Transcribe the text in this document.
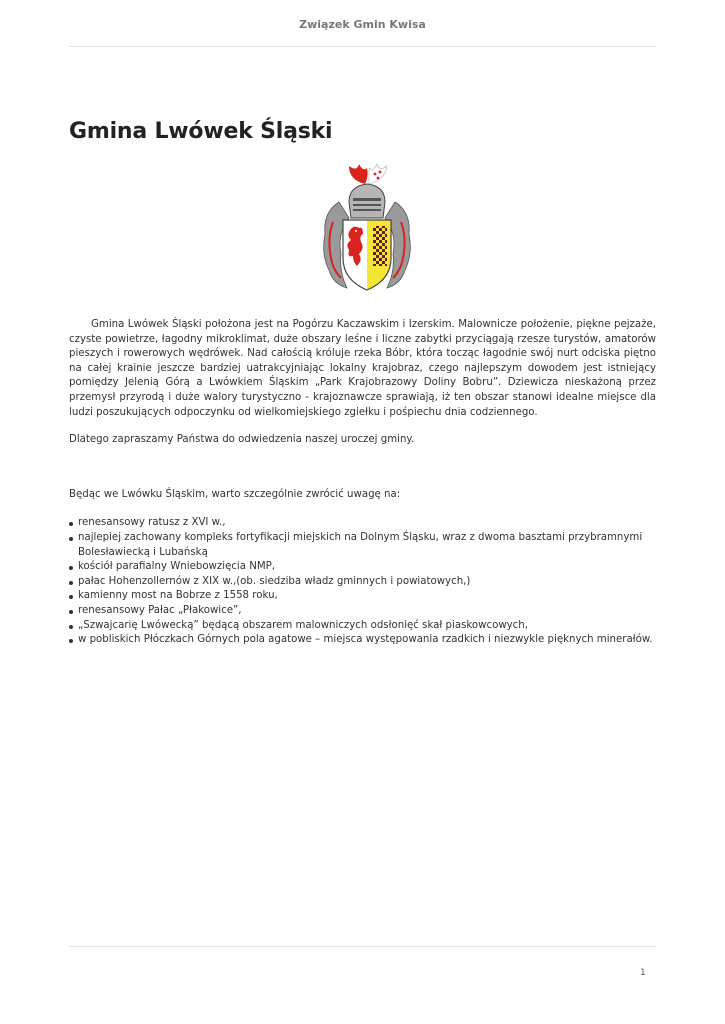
Związek Gmin Kwisa
Gmina Lwówek Śląski

Gmina Lwówek Śląski położona jest na Pogórzu Kaczawskim i Izerskim. Malownicze położenie, piękne pejzaże, czyste powietrze, łagodny mikroklimat, duże obszary leśne i liczne zabytki przyciągają rzesze turystów, amatorów pieszych i rowerowych wędrówek. Nad całością króluje rzeka Bóbr, która tocząc łagodnie swój nurt odciska piętno na całej krainie jeszcze bardziej uatrakcyjniając lokalny krajobraz, czego najlepszym dowodem jest istniejący pomiędzy Jelenią Górą a Lwówkiem Śląskim „Park Krajobrazowy Doliny Bobru”. Dziewicza nieskażoną przez przemysł przyrodą i duże walory turystyczno - krajoznawcze sprawiają, iż ten obszar stanowi idealne miejsce dla ludzi poszukujących odpoczynku od wielkomiejskiego zgiełku i pośpiechu dnia codziennego.

Dlatego zapraszamy Państwa do odwiedzenia naszej uroczej gminy.

Będąc we Lwówku Śląskim, warto szczególnie zwrócić uwagę na:

renesansowy ratusz z XVI w.,
najlepiej zachowany kompleks fortyfikacji miejskich na Dolnym Śląsku, wraz z dwoma basztami przybramnymi Bolesławiecką i Lubańską
kościół parafialny Wniebowzięcia NMP,
pałac Hohenzollernów z XIX w.,(ob. siedziba władz gminnych i powiatowych,)
kamienny most na Bobrze z 1558 roku,
renesansowy Pałac „Płakowice”,
„Szwajcarię Lwówecką” będącą obszarem malowniczych odsłonięć skał piaskowcowych,
w pobliskich Płóczkach Górnych pola agatowe – miejsca występowania rzadkich i niezwykle pięknych minerałów.
1
